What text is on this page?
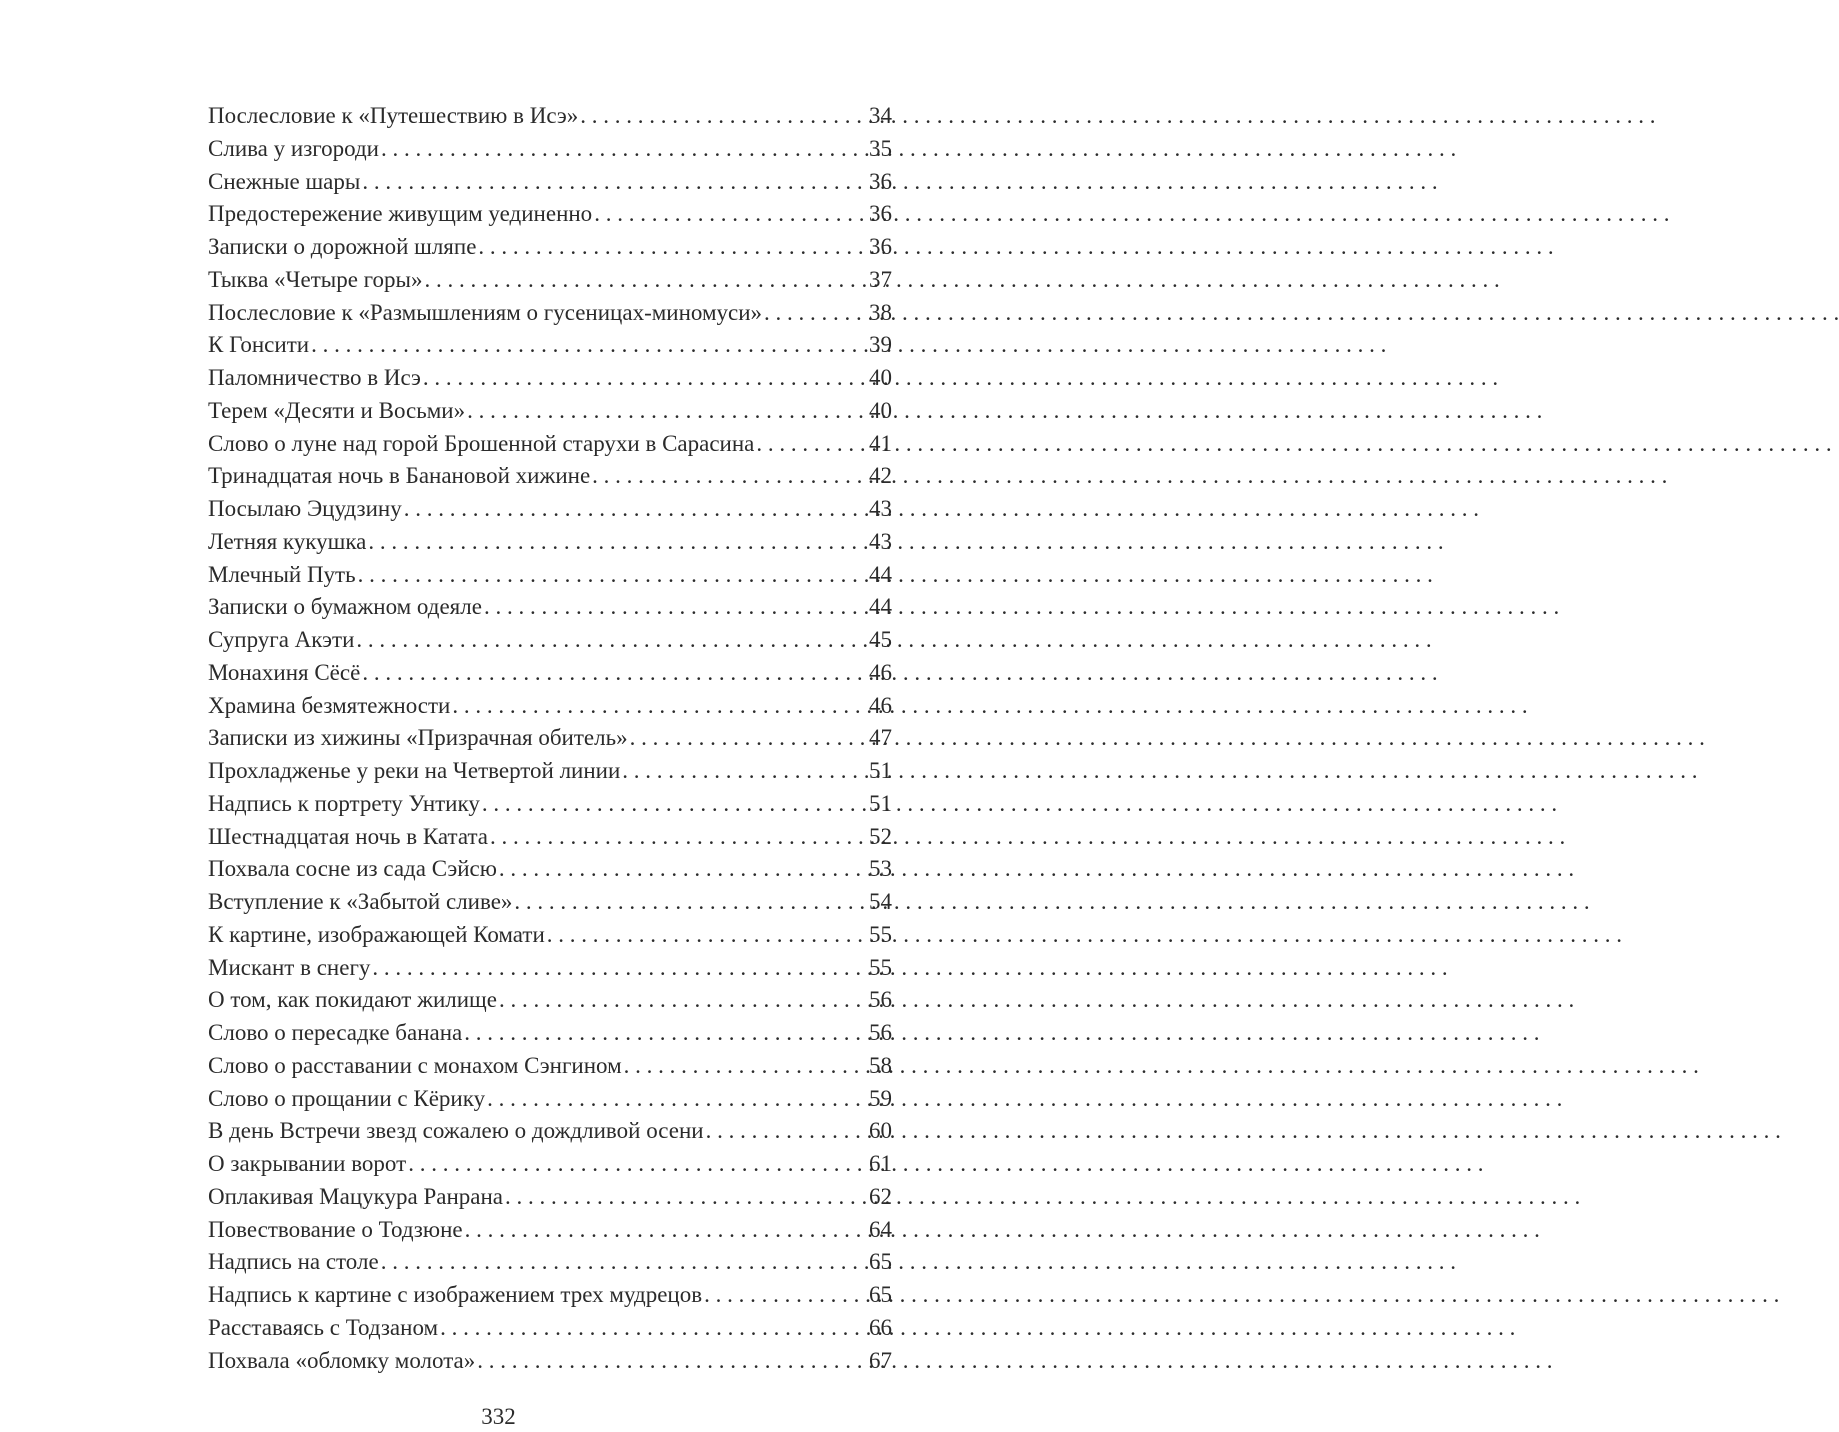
Послесловие к «Путешествию в Исэ» . . .	34
Слива у изгороди . . .	35
Снежные шары . . .	36
Предостережение живущим уединенно . . .	36
Записки о дорожной шляпе . . .	36
Тыква «Четыре горы» . . .	37
Послесловие к «Размышлениям о гусеницах-миномуси» . . .	38
К Гонсити . . .	39
Паломничество в Исэ . . .	40
Терем «Десяти и Восьми» . . .	40
Слово о луне над горой Брошенной старухи в Сарасина . . .	41
Тринадцатая ночь в Банановой хижине . . .	42
Посылаю Эцудзину . . .	43
Летняя кукушка . . .	43
Млечный Путь . . .	44
Записки о бумажном одеяле . . .	44
Супруга Акэти . . .	45
Монахиня Сёсё . . .	46
Храмина безмятежности . . .	46
Записки из хижины «Призрачная обитель» . . .	47
Прохладженье у реки на Четвертой линии . . .	51
Надпись к портрету Унтику . . .	51
Шестнадцатая ночь в Катата . . .	52
Похвала сосне из сада Сэйсю . . .	53
Вступление к «Забытой сливе» . . .	54
К картине, изображающей Комати . . .	55
Мискант в снегу . . .	55
О том, как покидают жилище . . .	56
Слово о пересадке банана . . .	56
Слово о расставании с монахом Сэнгином . . .	58
Слово о прощании с Кёрику . . .	59
В день Встречи звезд сожалею о дождливой осени . . .	60
О закрывании ворот . . .	61
Оплакивая Мацукура Ранрана . . .	62
Повествование о Тодзюне . . .	64
Надпись на столе . . .	65
Надпись к картине с изображением трех мудрецов . . .	65
Расставаясь с Тодзаном . . .	66
Похвала «обломку молота» . . .	67
332
